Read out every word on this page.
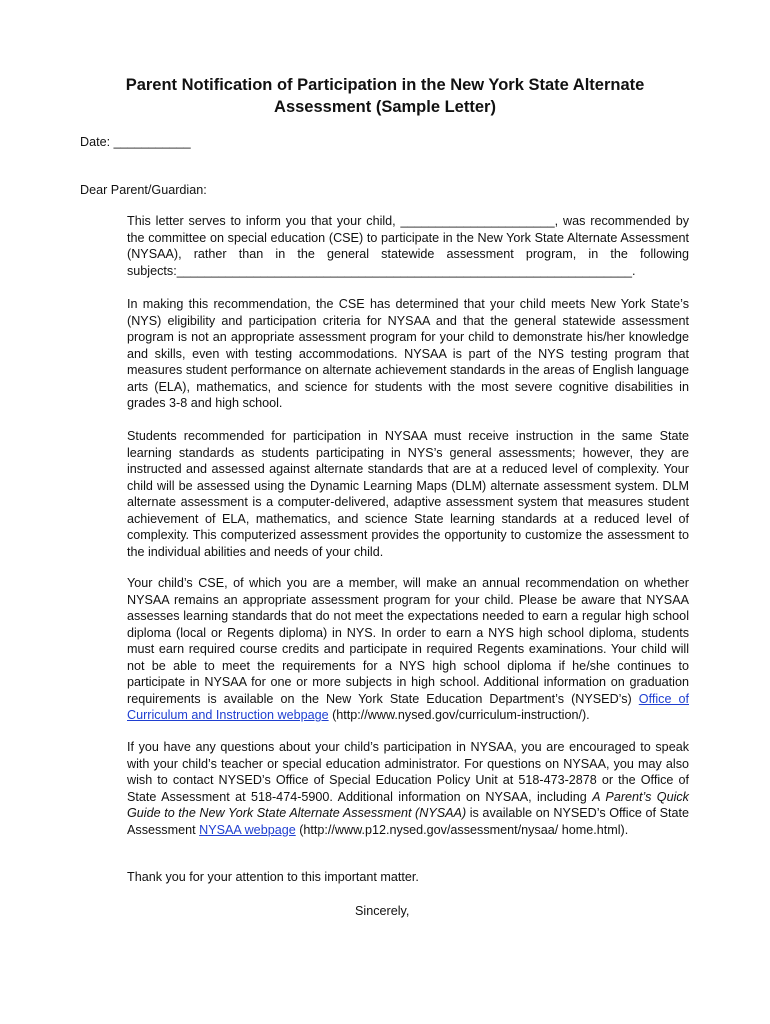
Parent Notification of Participation in the New York State Alternate
Assessment (Sample Letter)
Date: ___________
Dear Parent/Guardian:
This letter serves to inform you that your child, ______________________, was recommended by the committee on special education (CSE) to participate in the New York State Alternate Assessment (NYSAA), rather than in the general statewide assessment program, in the following subjects:_________________________________________________________________.
In making this recommendation, the CSE has determined that your child meets New York State’s (NYS) eligibility and participation criteria for NYSAA and that the general statewide assessment program is not an appropriate assessment program for your child to demonstrate his/her knowledge and skills, even with testing accommodations. NYSAA is part of the NYS testing program that measures student performance on alternate achievement standards in the areas of English language arts (ELA), mathematics, and science for students with the most severe cognitive disabilities in grades 3-8 and high school.
Students recommended for participation in NYSAA must receive instruction in the same State learning standards as students participating in NYS’s general assessments; however, they are instructed and assessed against alternate standards that are at a reduced level of complexity. Your child will be assessed using the Dynamic Learning Maps (DLM) alternate assessment system. DLM alternate assessment is a computer-delivered, adaptive assessment system that measures student achievement of ELA, mathematics, and science State learning standards at a reduced level of complexity. This computerized assessment provides the opportunity to customize the assessment to the individual abilities and needs of your child.
Your child’s CSE, of which you are a member, will make an annual recommendation on whether NYSAA remains an appropriate assessment program for your child. Please be aware that NYSAA assesses learning standards that do not meet the expectations needed to earn a regular high school diploma (local or Regents diploma) in NYS. In order to earn a NYS high school diploma, students must earn required course credits and participate in required Regents examinations. Your child will not be able to meet the requirements for a NYS high school diploma if he/she continues to participate in NYSAA for one or more subjects in high school. Additional information on graduation requirements is available on the New York State Education Department’s (NYSED’s) Office of Curriculum and Instruction webpage (http://www.nysed.gov/curriculum-instruction/).
If you have any questions about your child’s participation in NYSAA, you are encouraged to speak with your child’s teacher or special education administrator. For questions on NYSAA, you may also wish to contact NYSED’s Office of Special Education Policy Unit at 518-473-2878 or the Office of State Assessment at 518-474-5900. Additional information on NYSAA, including A Parent’s Quick Guide to the New York State Alternate Assessment (NYSAA) is available on NYSED’s Office of State Assessment NYSAA webpage (http://www.p12.nysed.gov/assessment/nysaa/ home.html).
Thank you for your attention to this important matter.
Sincerely,
